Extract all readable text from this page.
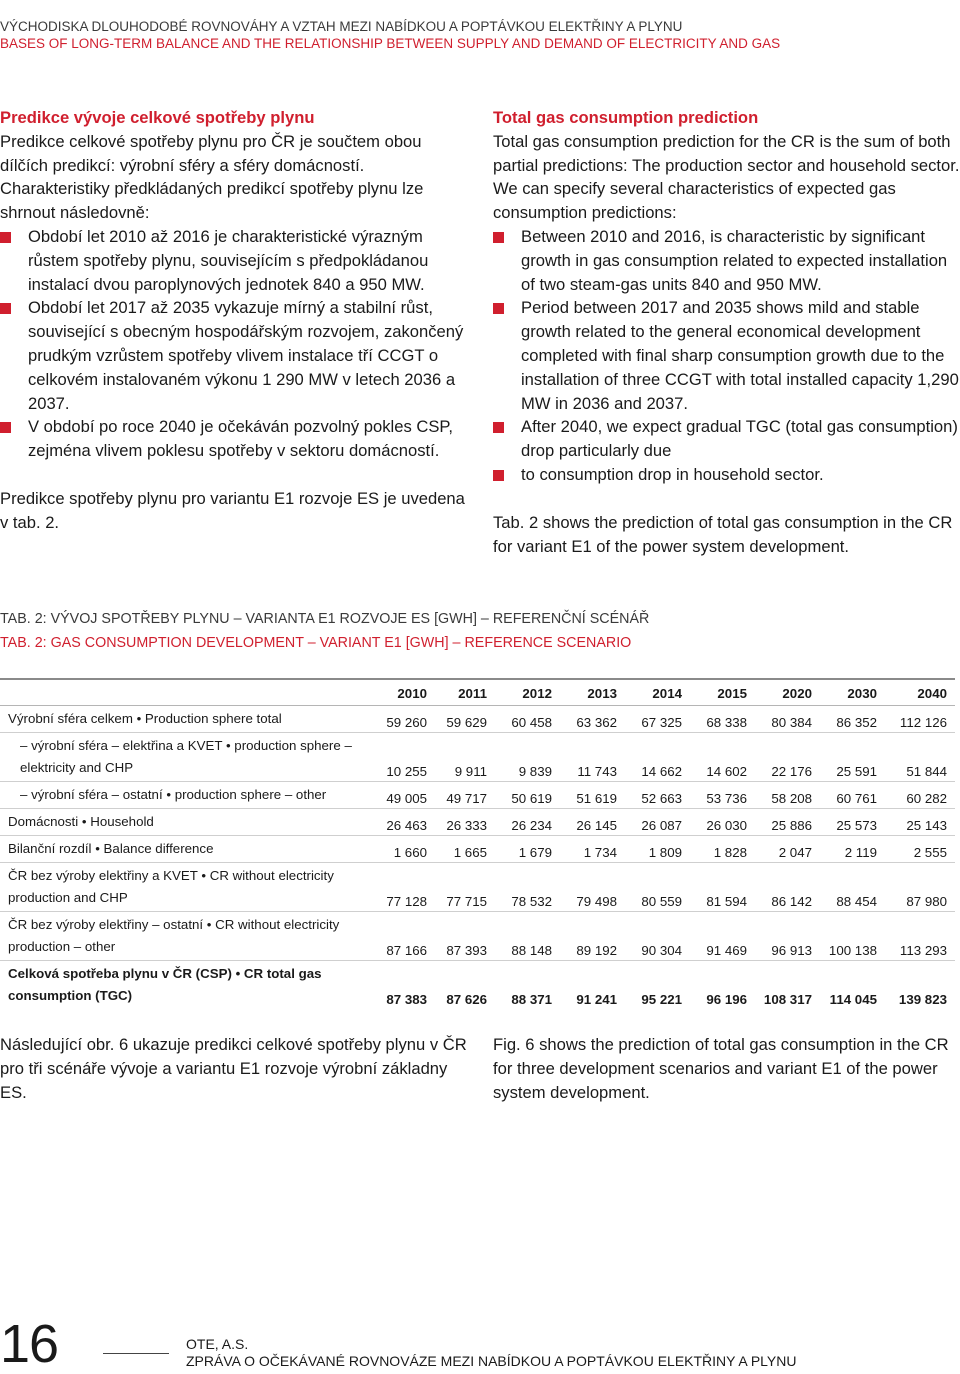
VÝCHODISKA DLOUHODOBÉ ROVNOVÁHY A VZTAH MEZI NABÍDKOU A POPTÁVKOU ELEKTŘINY A PLYNU
BASES OF LONG-TERM BALANCE AND THE RELATIONSHIP BETWEEN SUPPLY AND DEMAND OF ELECTRICITY AND GAS
Predikce vývoje celkové spotřeby plynu

Predikce celkové spotřeby plynu pro ČR je součtem obou dílčích predikcí: výrobní sféry a sféry domácností. Charakteristiky předkládaných predikcí spotřeby plynu lze shrnout následovně:

Období let 2010 až 2016 je charakteristické výrazným růstem spotřeby plynu, souvisejícím s předpokládanou instalací dvou paroplynových jednotek 840 a 950 MW.
Období let 2017 až 2035 vykazuje mírný a stabilní růst, související s obecným hospodářským rozvojem, zakončený prudkým vzrůstem spotřeby vlivem instalace tří CCGT o celkovém instalovaném výkonu 1 290 MW v letech 2036 a 2037.
V období po roce 2040 je očekáván pozvolný pokles CSP, zejména vlivem poklesu spotřeby v sektoru domácností.

Predikce spotřeby plynu pro variantu E1 rozvoje ES je uvedena v tab. 2.

Total gas consumption prediction

Total gas consumption prediction for the CR is the sum of both partial predictions: The production sector and household sector. We can specify several characteristics of expected gas consumption predictions:

Between 2010 and 2016, is characteristic by significant growth in gas consumption related to expected installation of two steam-gas units 840 and 950 MW.
Period between 2017 and 2035 shows mild and stable growth related to the general economical development completed with final sharp consumption growth due to the installation of three CCGT with total installed capacity 1,290 MW in 2036 and 2037.
After 2040, we expect gradual TGC (total gas consumption) drop particularly due
to consumption drop in household sector.

Tab. 2 shows the prediction of total gas consumption in the CR for variant E1 of the power system development.

TAB. 2: VÝVOJ SPOTŘEBY PLYNU – VARIANTA E1 ROZVOJE ES [GWH] – REFERENČNÍ SCÉNÁŘ
TAB. 2: GAS CONSUMPTION DEVELOPMENT – VARIANT E1 [GWH] – REFERENCE SCENARIO
	2010	2011	2012	2013	2014	2015	2020	2030	2040
Výrobní sféra celkem • Production sphere total	59 260	59 629	60 458	63 362	67 325	68 338	80 384	86 352	112 126
– výrobní sféra – elektřina a KVET • production sphere – elektricity and CHP	10 255	9 911	9 839	11 743	14 662	14 602	22 176	25 591	51 844
– výrobní sféra – ostatní • production sphere – other	49 005	49 717	50 619	51 619	52 663	53 736	58 208	60 761	60 282
Domácnosti • Household	26 463	26 333	26 234	26 145	26 087	26 030	25 886	25 573	25 143
Bilanční rozdíl • Balance difference	1 660	1 665	1 679	1 734	1 809	1 828	2 047	2 119	2 555
ČR bez výroby elektřiny a KVET • CR without electricity production and CHP	77 128	77 715	78 532	79 498	80 559	81 594	86 142	88 454	87 980
ČR bez výroby elektřiny – ostatní • CR without electricity production – other	87 166	87 393	88 148	89 192	90 304	91 469	96 913	100 138	113 293
Celková spotřeba plynu v ČR (CSP) • CR total gas consumption (TGC)	87 383	87 626	88 371	91 241	95 221	96 196	108 317	114 045	139 823
Následující obr. 6 ukazuje predikci celkové spotřeby plynu v ČR pro tři scénáře vývoje a variantu E1 rozvoje výrobní základny ES.
Fig. 6 shows the prediction of total gas consumption in the CR for three development scenarios and variant E1 of the power system development.
16	OTE, A.S.
ZPRÁVA O OČEKÁVANÉ ROVNOVÁZE MEZI NABÍDKOU A POPTÁVKOU ELEKTŘINY A PLYNU
